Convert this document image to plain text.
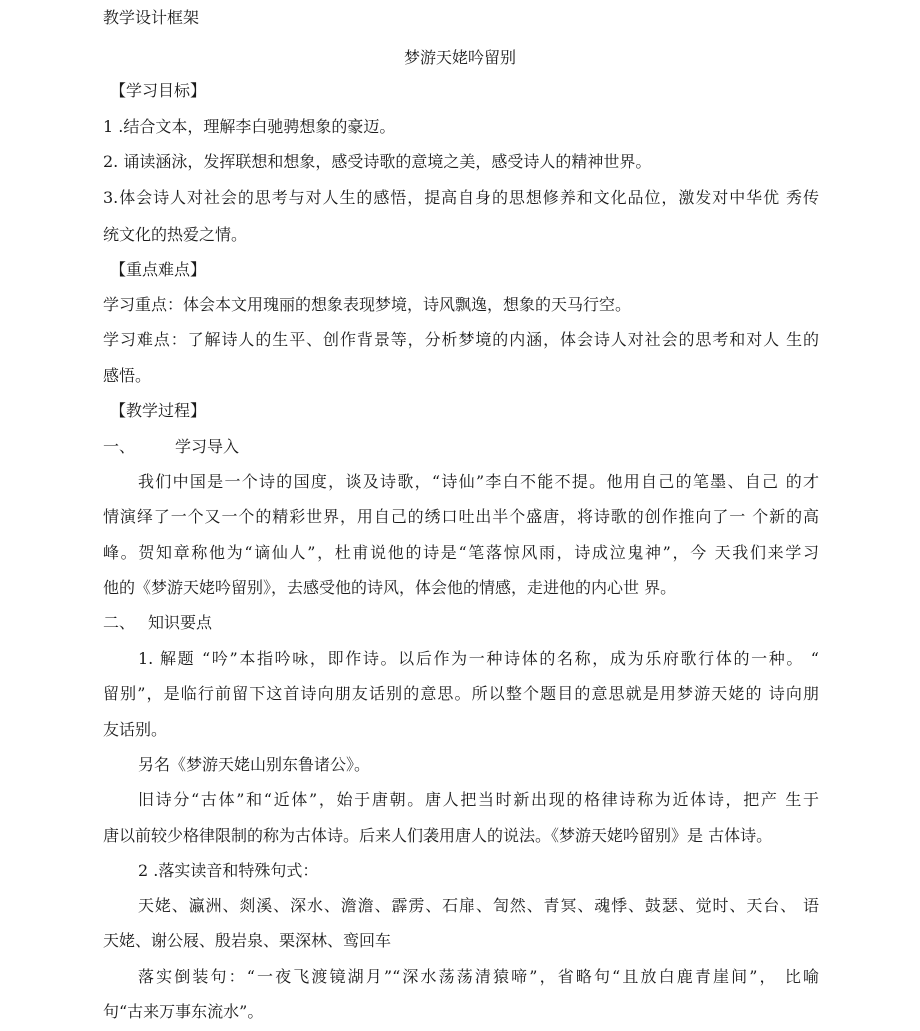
教学设计框架
梦游天姥吟留别
【学习目标】
1 .结合文本，理解李白驰骋想象的豪迈。
2. 诵读涵泳，发挥联想和想象，感受诗歌的意境之美，感受诗人的精神世界。
3.体会诗人对社会的思考与对人生的感悟，提高自身的思想修养和文化品位，激发对中华优 秀传
统文化的热爱之情。
【重点难点】
学习重点：体会本文用瑰丽的想象表现梦境，诗风飘逸，想象的天马行空。
学习难点：了解诗人的生平、创作背景等，分析梦境的内涵，体会诗人对社会的思考和对人 生的
感悟。
【教学过程】
一、 学习导入
我们中国是一个诗的国度，谈及诗歌，“诗仙”李白不能不提。他用自己的笔墨、自己 的才
情演绎了一个又一个的精彩世界，用自己的绣口吐出半个盛唐，将诗歌的创作推向了一 个新的高
峰。贺知章称他为“谪仙人”，杜甫说他的诗是“笔落惊风雨，诗成泣鬼神”，今 天我们来学习
他的《梦游天姥吟留别》，去感受他的诗风，体会他的情感，走进他的内心世 界。
二、 知识要点
1. 解题 “吟”本指吟咏，即作诗。以后作为一种诗体的名称，成为乐府歌行体的一种。 “
留别”，是临行前留下这首诗向朋友话别的意思。所以整个题目的意思就是用梦游天姥的 诗向朋
友话别。
另名《梦游天姥山别东鲁诸公》。
旧诗分“古体”和“近体”，始于唐朝。唐人把当时新出现的格律诗称为近体诗，把产 生于
唐以前较少格律限制的称为古体诗。后来人们袭用唐人的说法。《梦游天姥吟留别》是 古体诗。
2 .落实读音和特殊句式：
天姥、瀛洲、剡溪、深水、澹澹、霹雳、石扉、訇然、青冥、魂悸、鼓瑟、觉时、天台、 语
天姥、谢公屐、殷岩泉、栗深林、鸾回车
落实倒装句：“一夜飞渡镜湖月”“深水荡荡清猿啼”，省略句“且放白鹿青崖间”， 比喻
句“古来万事东流水”。
